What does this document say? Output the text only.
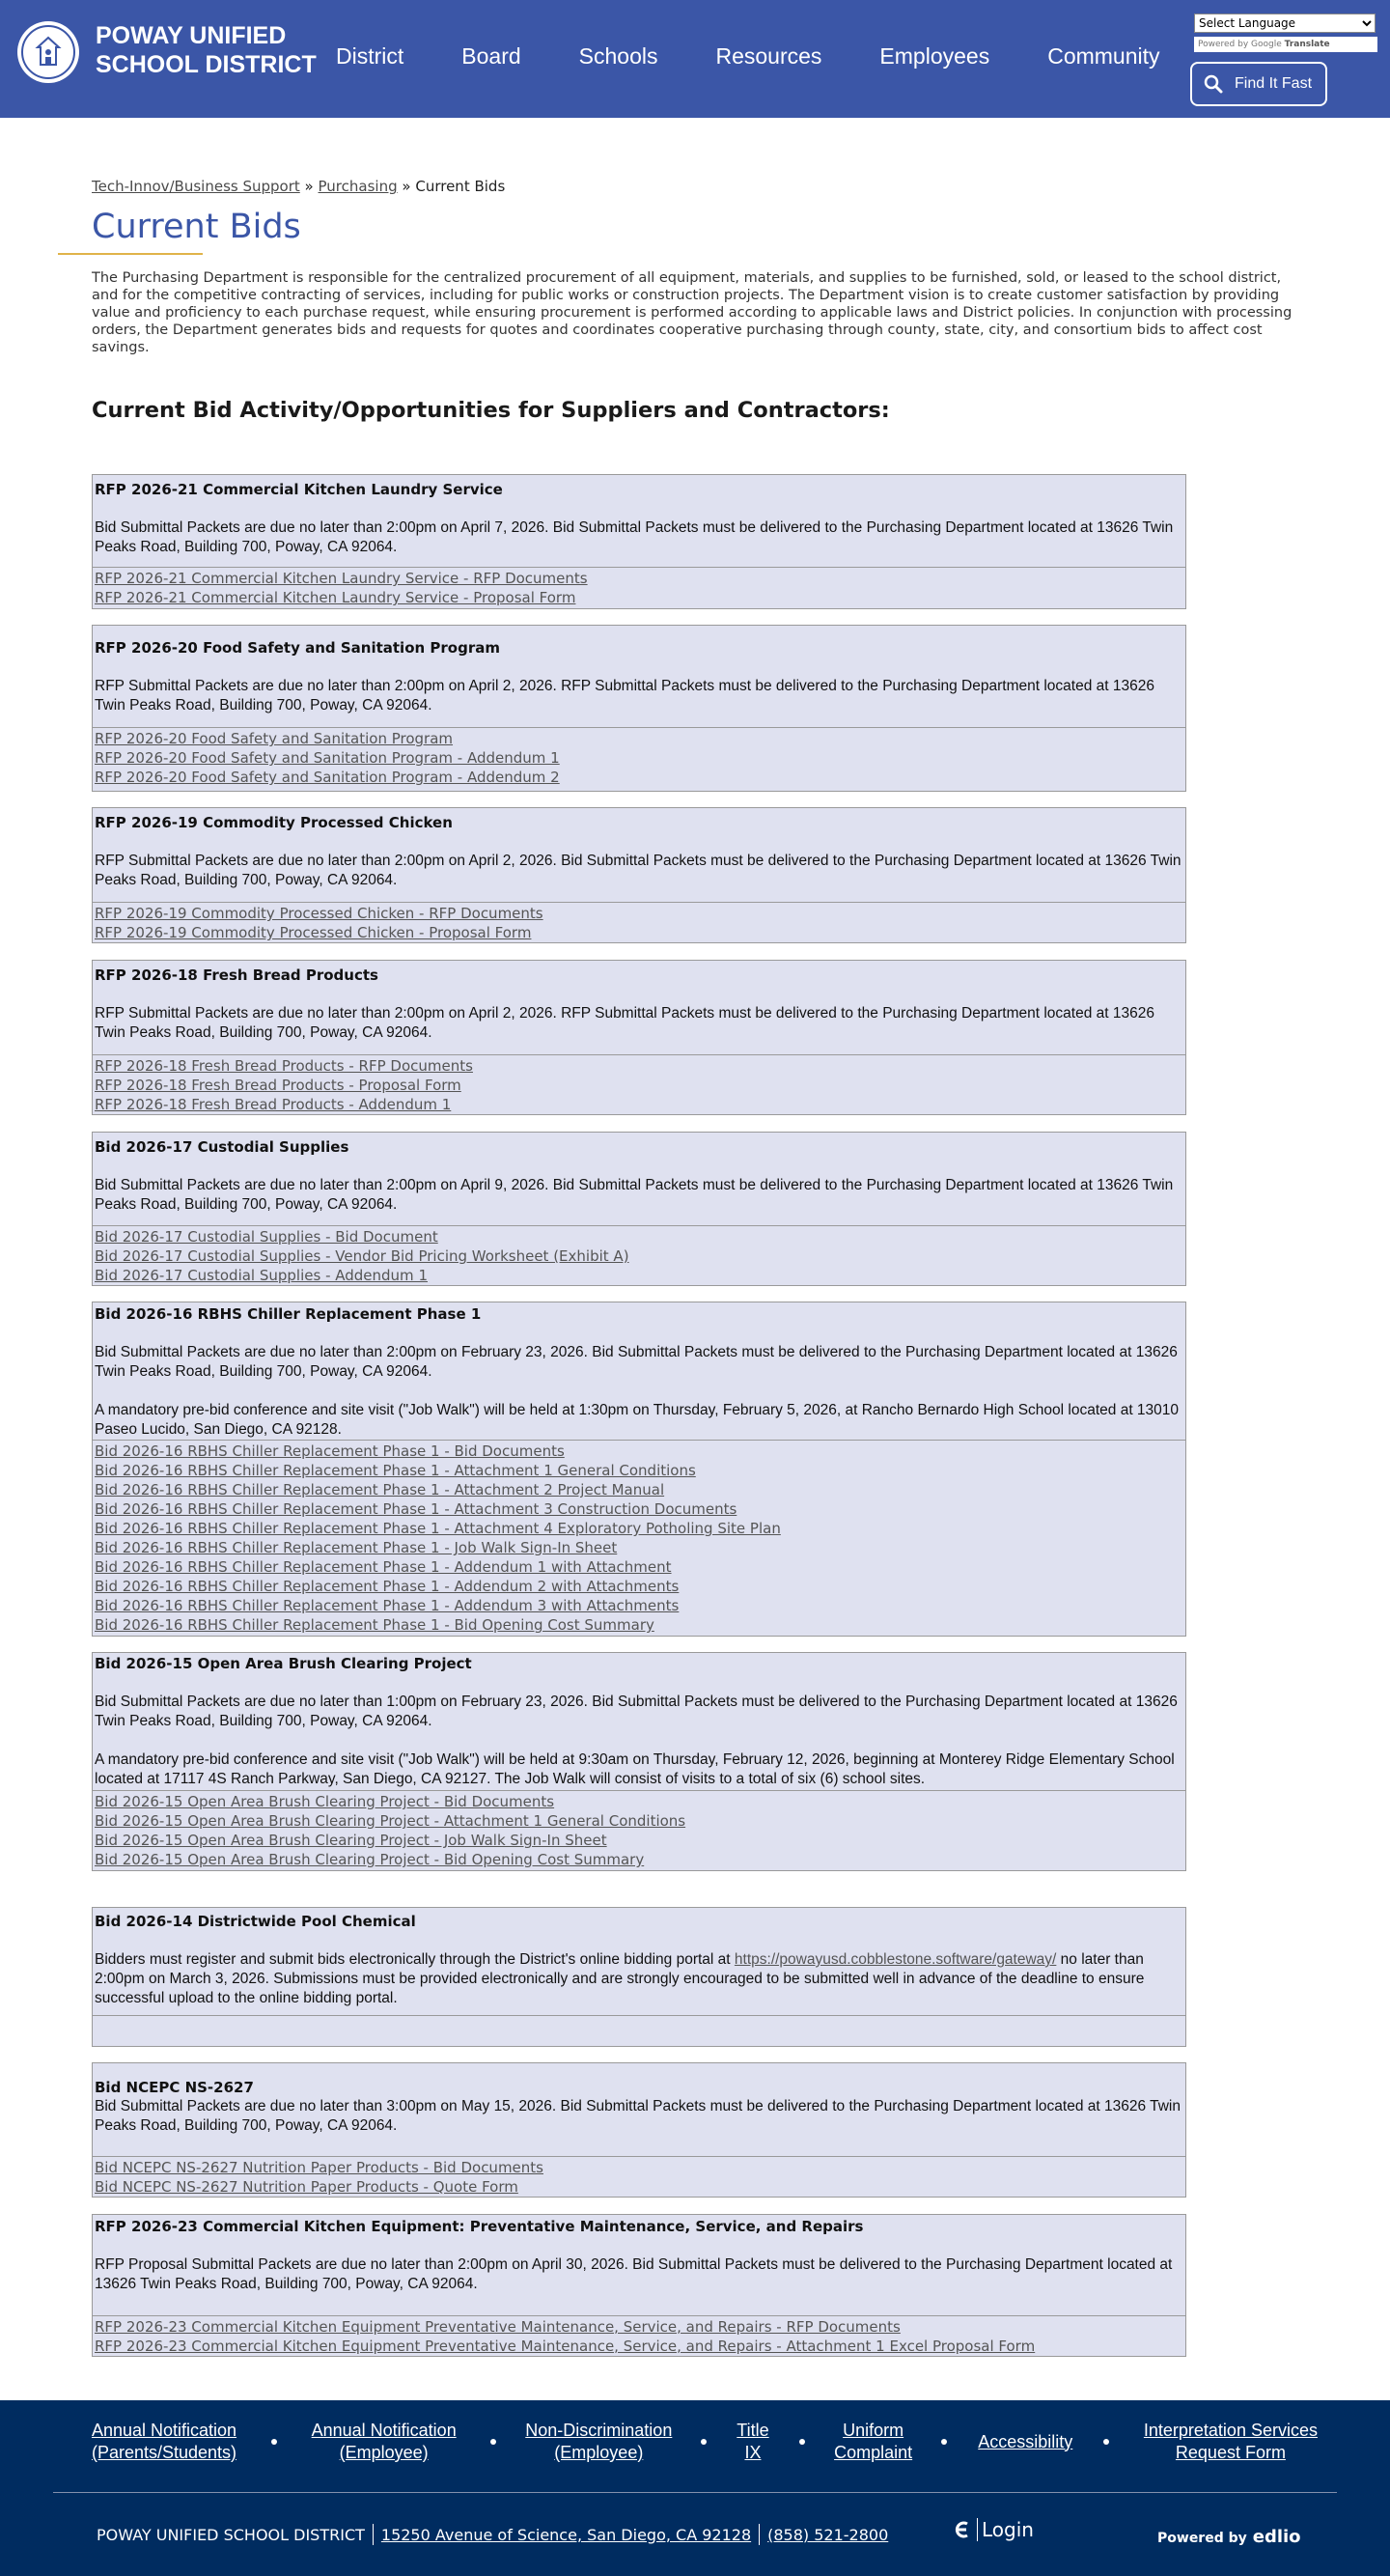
POWAY UNIFIED
SCHOOL DISTRICT District	Board	Schools	Resources	Employees	Community
Select Language	Powered by Google Translate
Find It Fast
Tech-Innov/Business Support » Purchasing » Current Bids
Current Bids
The Purchasing Department is responsible for the centralized procurement of all equipment, materials, and supplies to be furnished, sold, or leased to the school district, and for the competitive contracting of services, including for public works or construction projects. The Department vision is to create customer satisfaction by providing value and proficiency to each purchase request, while ensuring procurement is performed according to applicable laws and District policies. In conjunction with processing orders, the Department generates bids and requests for quotes and coordinates cooperative purchasing through county, state, city, and consortium bids to affect cost savings.
Current Bid Activity/Opportunities for Suppliers and Contractors:
RFP 2026-21 Commercial Kitchen Laundry Service
Bid Submittal Packets are due no later than 2:00pm on April 7, 2026. Bid Submittal Packets must be delivered to the Purchasing Department located at 13626 Twin Peaks Road, Building 700, Poway, CA 92064.
RFP 2026-21 Commercial Kitchen Laundry Service - RFP Documents
RFP 2026-21 Commercial Kitchen Laundry Service - Proposal Form
RFP 2026-20 Food Safety and Sanitation Program
RFP Submittal Packets are due no later than 2:00pm on April 2, 2026. RFP Submittal Packets must be delivered to the Purchasing Department located at 13626 Twin Peaks Road, Building 700, Poway, CA 92064.
RFP 2026-20 Food Safety and Sanitation Program
RFP 2026-20 Food Safety and Sanitation Program - Addendum 1
RFP 2026-20 Food Safety and Sanitation Program - Addendum 2
RFP 2026-19 Commodity Processed Chicken
RFP Submittal Packets are due no later than 2:00pm on April 2, 2026. Bid Submittal Packets must be delivered to the Purchasing Department located at 13626 Twin Peaks Road, Building 700, Poway, CA 92064.
RFP 2026-19 Commodity Processed Chicken - RFP Documents
RFP 2026-19 Commodity Processed Chicken - Proposal Form
RFP 2026-18 Fresh Bread Products
RFP Submittal Packets are due no later than 2:00pm on April 2, 2026. RFP Submittal Packets must be delivered to the Purchasing Department located at 13626 Twin Peaks Road, Building 700, Poway, CA 92064.
RFP 2026-18 Fresh Bread Products - RFP Documents
RFP 2026-18 Fresh Bread Products - Proposal Form
RFP 2026-18 Fresh Bread Products - Addendum 1
Bid 2026-17 Custodial Supplies
Bid Submittal Packets are due no later than 2:00pm on April 9, 2026. Bid Submittal Packets must be delivered to the Purchasing Department located at 13626 Twin Peaks Road, Building 700, Poway, CA 92064.
Bid 2026-17 Custodial Supplies - Bid Document
Bid 2026-17 Custodial Supplies - Vendor Bid Pricing Worksheet (Exhibit A)
Bid 2026-17 Custodial Supplies - Addendum 1
Bid 2026-16 RBHS Chiller Replacement Phase 1
Bid Submittal Packets are due no later than 2:00pm on February 23, 2026. Bid Submittal Packets must be delivered to the Purchasing Department located at 13626 Twin Peaks Road, Building 700, Poway, CA 92064.
A mandatory pre-bid conference and site visit ("Job Walk") will be held at 1:30pm on Thursday, February 5, 2026, at Rancho Bernardo High School located at 13010 Paseo Lucido, San Diego, CA 92128.
Bid 2026-16 RBHS Chiller Replacement Phase 1 - Bid Documents
Bid 2026-16 RBHS Chiller Replacement Phase 1 - Attachment 1 General Conditions
Bid 2026-16 RBHS Chiller Replacement Phase 1 - Attachment 2 Project Manual
Bid 2026-16 RBHS Chiller Replacement Phase 1 - Attachment 3 Construction Documents
Bid 2026-16 RBHS Chiller Replacement Phase 1 - Attachment 4 Exploratory Potholing Site Plan
Bid 2026-16 RBHS Chiller Replacement Phase 1 - Job Walk Sign-In Sheet
Bid 2026-16 RBHS Chiller Replacement Phase 1 - Addendum 1 with Attachment
Bid 2026-16 RBHS Chiller Replacement Phase 1 - Addendum 2 with Attachments
Bid 2026-16 RBHS Chiller Replacement Phase 1 - Addendum 3 with Attachments
Bid 2026-16 RBHS Chiller Replacement Phase 1 - Bid Opening Cost Summary
Bid 2026-15 Open Area Brush Clearing Project
Bid Submittal Packets are due no later than 1:00pm on February 23, 2026. Bid Submittal Packets must be delivered to the Purchasing Department located at 13626 Twin Peaks Road, Building 700, Poway, CA 92064.
A mandatory pre-bid conference and site visit ("Job Walk") will be held at 9:30am on Thursday, February 12, 2026, beginning at Monterey Ridge Elementary School located at 17117 4S Ranch Parkway, San Diego, CA 92127. The Job Walk will consist of visits to a total of six (6) school sites.
Bid 2026-15 Open Area Brush Clearing Project - Bid Documents
Bid 2026-15 Open Area Brush Clearing Project - Attachment 1 General Conditions
Bid 2026-15 Open Area Brush Clearing Project - Job Walk Sign-In Sheet
Bid 2026-15 Open Area Brush Clearing Project - Bid Opening Cost Summary
Bid 2026-14 Districtwide Pool Chemical
Bidders must register and submit bids electronically through the District's online bidding portal at https://powayusd.cobblestone.software/gateway/ no later than 2:00pm on March 3, 2026. Submissions must be provided electronically and are strongly encouraged to be submitted well in advance of the deadline to ensure successful upload to the online bidding portal.
Bid NCEPC NS-2627
Bid Submittal Packets are due no later than 3:00pm on May 15, 2026. Bid Submittal Packets must be delivered to the Purchasing Department located at 13626 Twin Peaks Road, Building 700, Poway, CA 92064.
Bid NCEPC NS-2627 Nutrition Paper Products - Bid Documents
Bid NCEPC NS-2627 Nutrition Paper Products - Quote Form
RFP 2026-23 Commercial Kitchen Equipment: Preventative Maintenance, Service, and Repairs
RFP Proposal Submittal Packets are due no later than 2:00pm on April 30, 2026. Bid Submittal Packets must be delivered to the Purchasing Department located at 13626 Twin Peaks Road, Building 700, Poway, CA 92064.
RFP 2026-23 Commercial Kitchen Equipment Preventative Maintenance, Service, and Repairs - RFP Documents
RFP 2026-23 Commercial Kitchen Equipment Preventative Maintenance, Service, and Repairs - Attachment 1 Excel Proposal Form
Annual Notification (Parents/Students)
Annual Notification (Employee)
Non-Discrimination (Employee)
Title IX
Uniform Complaint
Accessibility
Interpretation Services Request Form
POWAY UNIFIED SCHOOL DISTRICT 15250 Avenue of Science, San Diego, CA 92128 (858) 521-2800	Login	Powered by edlio
